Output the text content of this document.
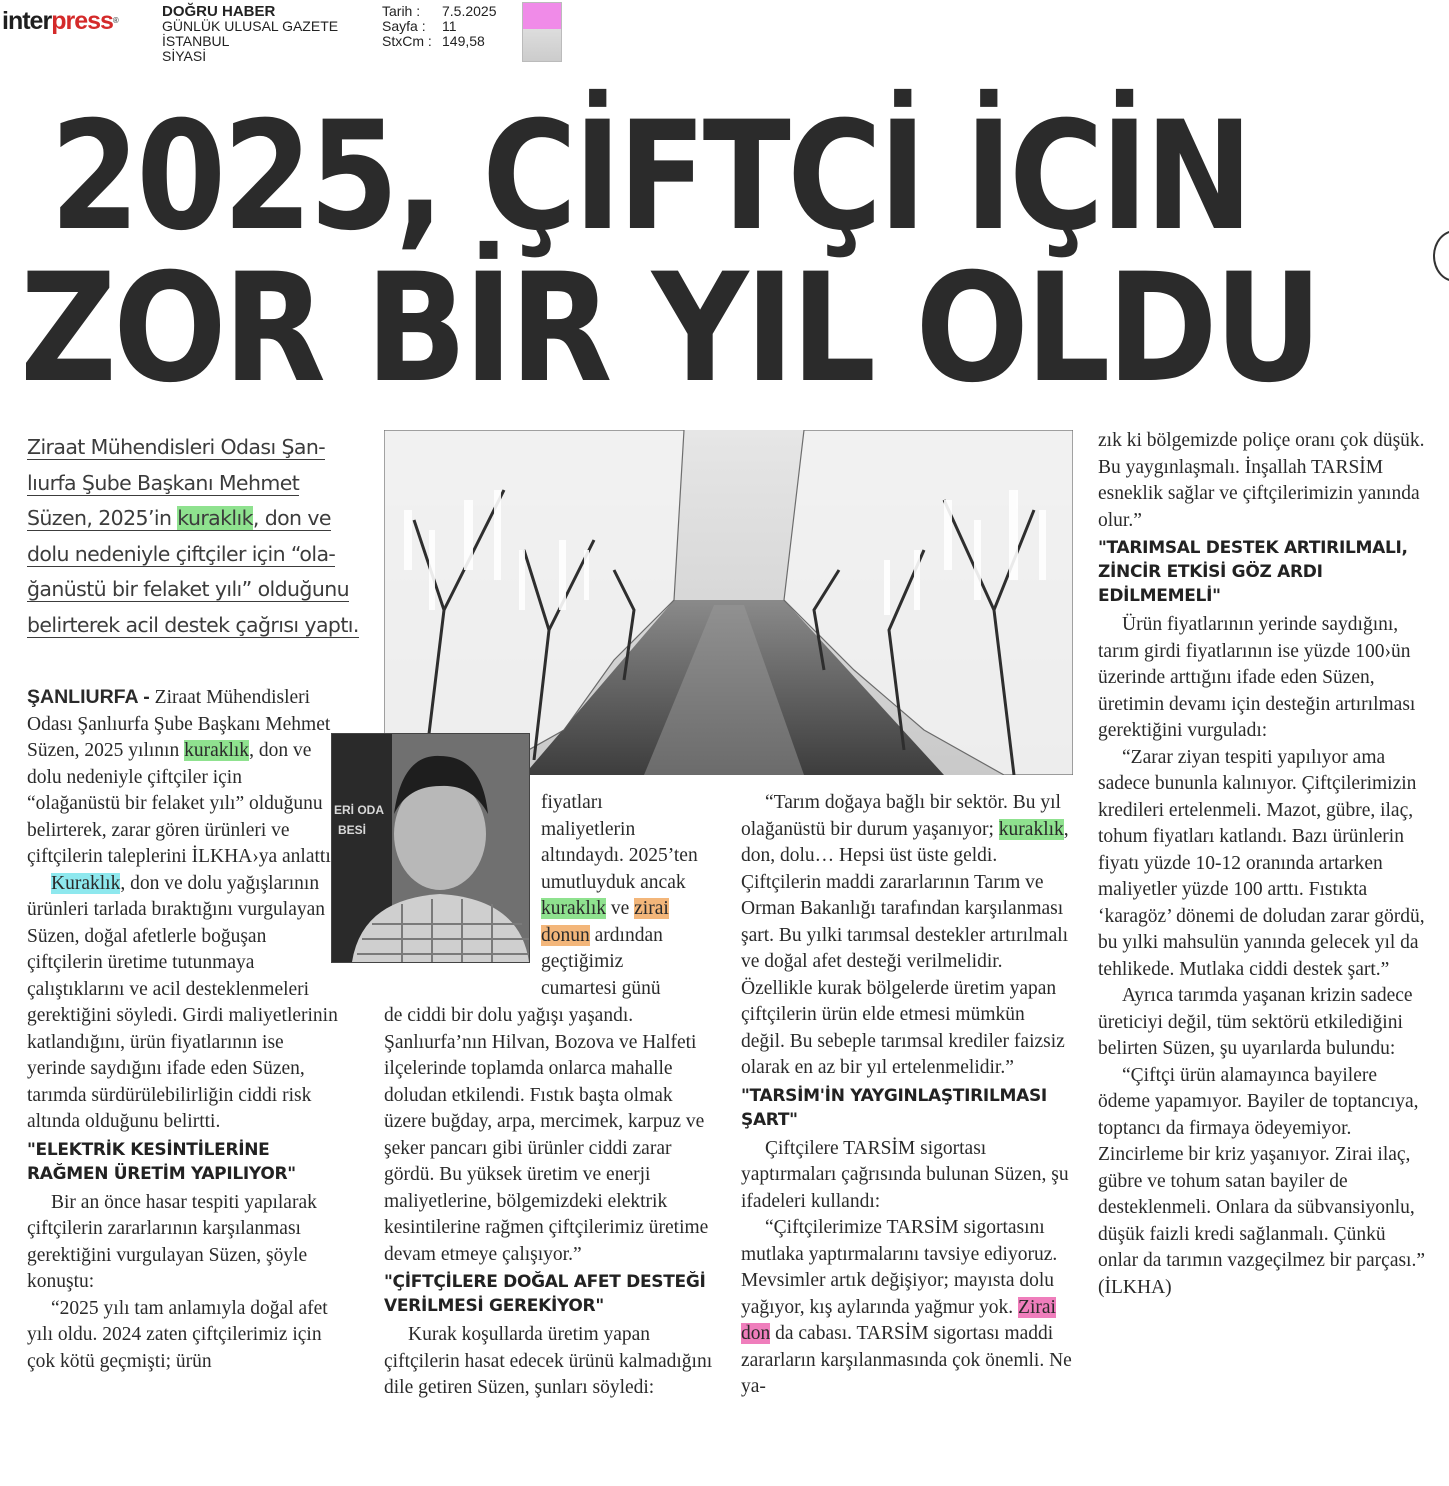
interpress®
DOĞRU HABER
GÜNLÜK ULUSAL GAZETE
İSTANBUL
SİYASİ
Tarih :	7.5.2025
Sayfa :	11
StxCm : 149,58
2025, ÇİFTÇİ İÇİN
ZOR BİR YIL OLDU
Ziraat Mühendisleri Odası Şan-
lıurfa Şube Başkanı Mehmet
Süzen, 2025’in kuraklık, don ve
dolu nedeniyle çiftçiler için “ola-
ğanüstü bir felaket yılı” olduğunu
belirterek acil destek çağrısı yaptı.
ERİ ODA
BESİ

ŞANLIURFA - Ziraat Mühendisleri Odası Şanlıurfa Şube Başkanı Mehmet Süzen, 2025 yılının kuraklık, don ve dolu nedeniyle çiftçiler için “olağanüstü bir felaket yılı” olduğunu belirterek, zarar gören ürünleri ve çiftçilerin taleplerini İLKHA›ya anlattı.

Kuraklık, don ve dolu yağışlarının ürünleri tarlada bıraktığını vurgulayan Süzen, doğal afetlerle boğuşan çiftçilerin üretime tutunmaya çalıştıklarını ve acil desteklenmeleri gerektiğini söyledi. Girdi maliyetlerinin katlandığını, ürün fiyatlarının ise yerinde saydığını ifade eden Süzen, tarımda sürdürülebilirliğin ciddi risk altında olduğunu belirtti.

"ELEKTRİK KESİNTİLERİNE RAĞMEN ÜRETİM YAPILIYOR"

Bir an önce hasar tespiti yapılarak çiftçilerin zararlarının karşılanması gerektiğini vurgulayan Süzen, şöyle konuştu:

“2025 yılı tam anlamıyla doğal afet yılı oldu. 2024 zaten çiftçilerimiz için çok kötü geçmişti; ürün

fiyatları maliyetlerin altındaydı. 2025’ten umutluyduk ancak kuraklık ve zirai donun ardından geçtiğimiz cumartesi günü

de ciddi bir dolu yağışı yaşandı. Şanlıurfa’nın Hilvan, Bozova ve Halfeti ilçelerinde toplamda onlarca mahalle doludan etkilendi. Fıstık başta olmak üzere buğday, arpa, mercimek, karpuz ve şeker pancarı gibi ürünler ciddi zarar gördü. Bu yüksek üretim ve enerji maliyetlerine, bölgemizdeki elektrik kesintilerine rağmen çiftçilerimiz üretime devam etmeye çalışıyor.”

"ÇİFTÇİLERE DOĞAL AFET DESTEĞİ VERİLMESİ GEREKİYOR"

Kurak koşullarda üretim yapan çiftçilerin hasat edecek ürünü kalmadığını dile getiren Süzen, şunları söyledi:

“Tarım doğaya bağlı bir sektör. Bu yıl olağanüstü bir durum yaşanıyor; kuraklık, don, dolu… Hepsi üst üste geldi. Çiftçilerin maddi zararlarının Tarım ve Orman Bakanlığı tarafından karşılanması şart. Bu yılki tarımsal destekler artırılmalı ve doğal afet desteği verilmelidir. Özellikle kurak bölgelerde üretim yapan çiftçilerin ürün elde etmesi mümkün değil. Bu sebeple tarımsal krediler faizsiz olarak en az bir yıl ertelenmelidir.”

"TARSİM'İN YAYGINLAŞTIRILMASI ŞART"

Çiftçilere TARSİM sigortası yaptırmaları çağrısında bulunan Süzen, şu ifadeleri kullandı:

“Çiftçilerimize TARSİM sigortasını mutlaka yaptırmalarını tavsiye ediyoruz. Mevsimler artık değişiyor; mayısta dolu yağıyor, kış aylarında yağmur yok. Zirai don da cabası. TARSİM sigortası maddi zararların karşılanmasında çok önemli. Ne ya-

zık ki bölgemizde poliçe oranı çok düşük. Bu yaygınlaşmalı. İnşallah TARSİM esneklik sağlar ve çiftçilerimizin yanında olur.”

"TARIMSAL DESTEK ARTIRILMALI, ZİNCİR ETKİSİ GÖZ ARDI EDİLMEMELİ"

Ürün fiyatlarının yerinde saydığını, tarım girdi fiyatlarının ise yüzde 100›ün üzerinde arttığını ifade eden Süzen, üretimin devamı için desteğin artırılması gerektiğini vurguladı:

“Zarar ziyan tespiti yapılıyor ama sadece bununla kalınıyor. Çiftçilerimizin kredileri ertelenmeli. Mazot, gübre, ilaç, tohum fiyatları katlandı. Bazı ürünlerin fiyatı yüzde 10-12 oranında artarken maliyetler yüzde 100 arttı. Fıstıkta ‘karagöz’ dönemi de doludan zarar gördü, bu yılki mahsulün yanında gelecek yıl da tehlikede. Mutlaka ciddi destek şart.”

Ayrıca tarımda yaşanan krizin sadece üreticiyi değil, tüm sektörü etkilediğini belirten Süzen, şu uyarılarda bulundu:

“Çiftçi ürün alamayınca bayilere ödeme yapamıyor. Bayiler de toptancıya, toptancı da firmaya ödeyemiyor. Zincirleme bir kriz yaşanıyor. Zirai ilaç, gübre ve tohum satan bayiler de desteklenmeli. Onlara da sübvansiyonlu, düşük faizli kredi sağlanmalı. Çünkü onlar da tarımın vazgeçilmez bir parçası.” (İLKHA)
